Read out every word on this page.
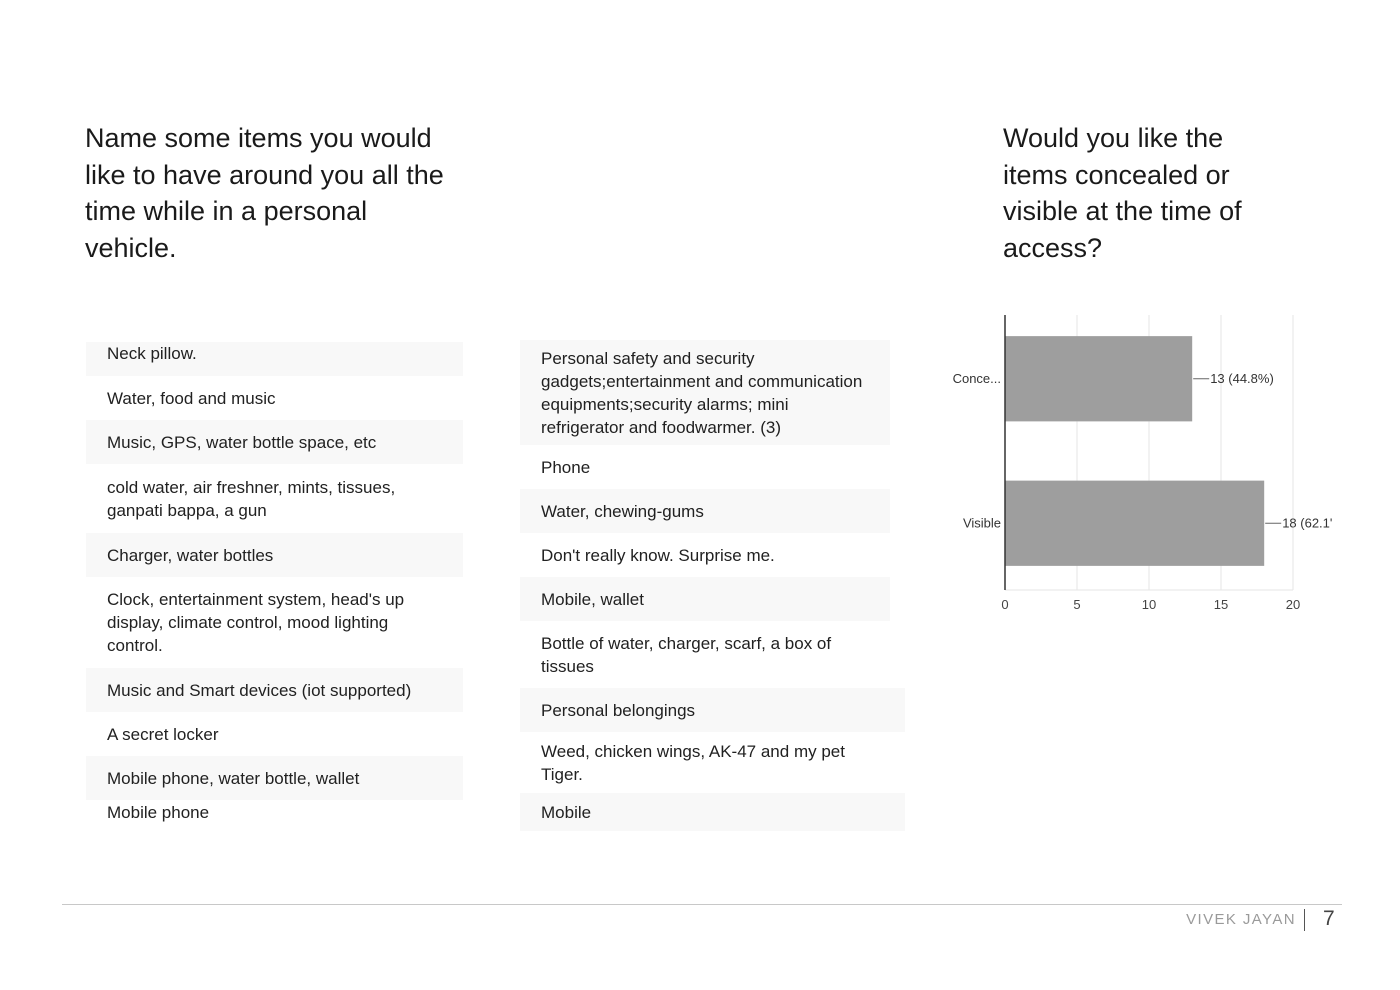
Name some items you would like to have around you all the time while in a personal vehicle.
Would you like the items concealed or visible at the time of access?
Neck pillow.
Water, food and music
Music, GPS, water bottle space, etc
cold water, air freshner, mints, tissues, ganpati bappa, a gun
Charger, water bottles
Clock, entertainment system, head's up display, climate control, mood lighting control.
Music and Smart devices (iot supported)
A secret locker
Mobile phone, water bottle, wallet
Mobile phone
Personal safety and security gadgets;entertainment and communication equipments;security alarms; mini refrigerator and foodwarmer. (3)
Phone
Water, chewing-gums
Don't really know. Surprise me.
Mobile, wallet
Bottle of water, charger, scarf, a box of tissues
Personal belongings
Weed, chicken wings, AK-47 and my pet Tiger.
Mobile
Conce...
Visible
13 (44.8%)
18 (62.1'
0	5	10	15	20
VIVEK JAYAN	7
